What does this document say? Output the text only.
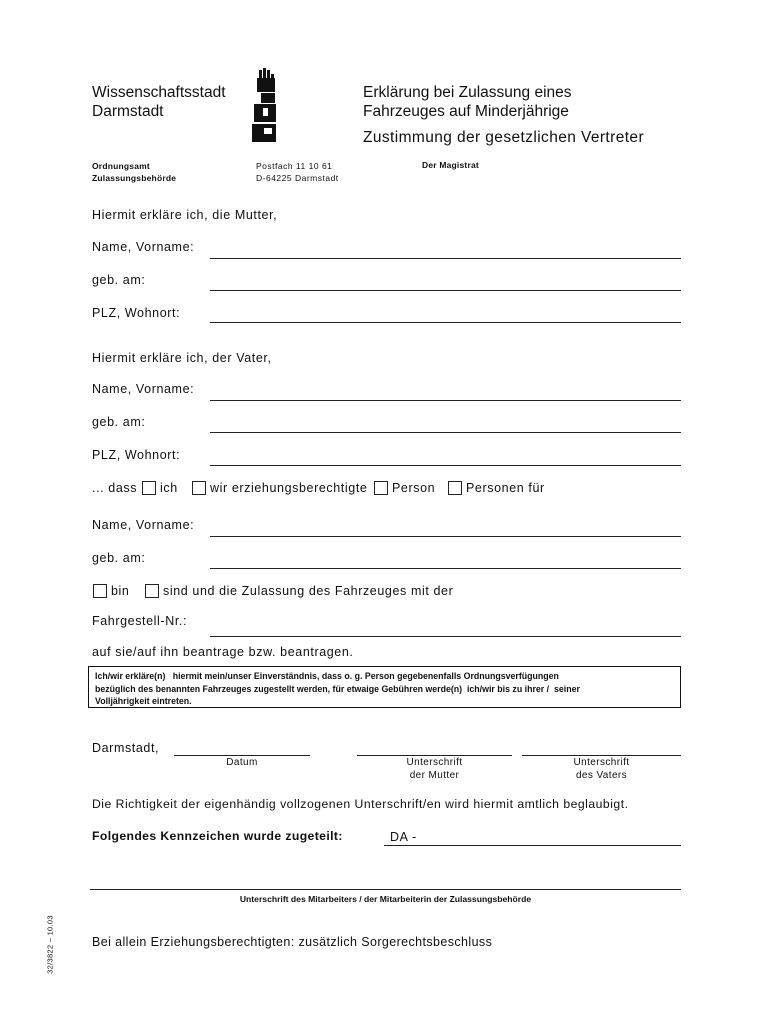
Wissenschaftsstadt
Darmstadt
Erklärung bei Zulassung eines
Fahrzeuges auf Minderjährige
Zustimmung der gesetzlichen Vertreter
Ordnungsamt
Zulassungsbehörde
Postfach 11 10 61
D-64225 Darmstadt
Der Magistrat
Hiermit erkläre ich, die Mutter,
Name, Vorname:
geb. am:
PLZ, Wohnort:
Hiermit erkläre ich, der Vater,
Name, Vorname:
geb. am:
PLZ, Wohnort:
... dass ich	wir erziehungsberechtigte Person Personen für
Name, Vorname:
geb. am:
bin	sind und die Zulassung des Fahrzeuges mit der
Fahrgestell-Nr.:
auf sie/auf ihn beantrage bzw. beantragen.
Ich/wir erkläre(n)   hiermit mein/unser Einverständnis, dass o. g. Person gegebenenfalls Ordnungsverfügungen
bezüglich des benannten Fahrzeuges zugestellt werden, für etwaige Gebühren werde(n)  ich/wir bis zu ihrer /  seiner
Volljährigkeit eintreten.
Darmstadt,
Datum	Unterschrift
der Mutter
Unterschrift
des Vaters
Die Richtigkeit der eigenhändig vollzogenen Unterschrift/en wird hiermit amtlich beglaubigt.
Folgendes Kennzeichen wurde zugeteilt:	DA -
Unterschrift des Mitarbeiters / der Mitarbeiterin der Zulassungsbehörde
32/3822 – 10.03	Bei allein Erziehungsberechtigten: zusätzlich Sorgerechtsbeschluss
